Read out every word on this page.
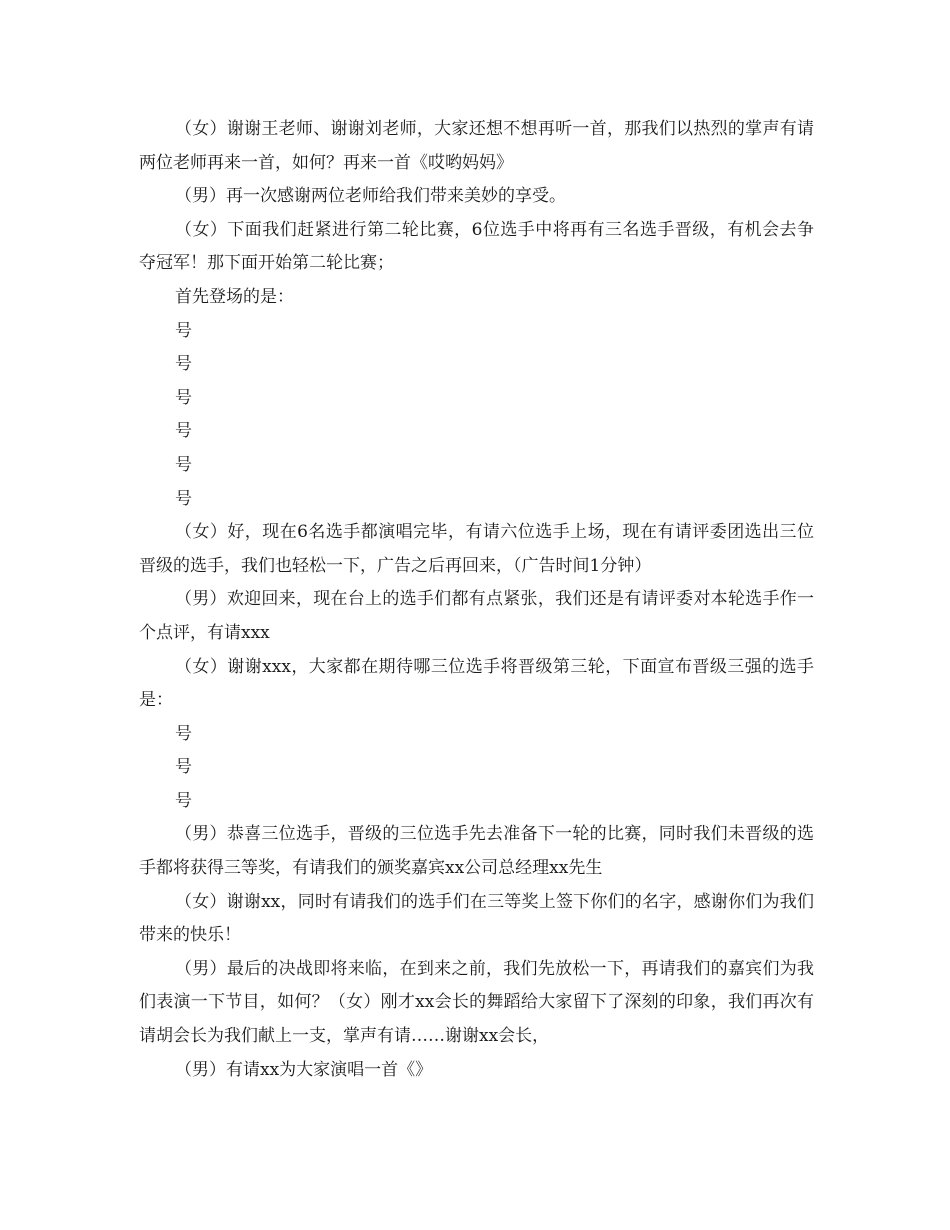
（女）谢谢王老师、谢谢刘老师，大家还想不想再听一首，那我们以热烈的掌声有请两位老师再来一首，如何？再来一首《哎哟妈妈》

（男）再一次感谢两位老师给我们带来美妙的享受。

（女）下面我们赶紧进行第二轮比赛，6位选手中将再有三名选手晋级，有机会去争夺冠军！那下面开始第二轮比赛；

首先登场的是：

号

号

号

号

号

号

（女）好，现在6名选手都演唱完毕，有请六位选手上场，现在有请评委团选出三位晋级的选手，我们也轻松一下，广告之后再回来，（广告时间1分钟）

（男）欢迎回来，现在台上的选手们都有点紧张，我们还是有请评委对本轮选手作一个点评，有请xxx

（女）谢谢xxx，大家都在期待哪三位选手将晋级第三轮，下面宣布晋级三强的选手是：

号

号

号

（男）恭喜三位选手，晋级的三位选手先去准备下一轮的比赛，同时我们未晋级的选手都将获得三等奖，有请我们的颁奖嘉宾xx公司总经理xx先生

（女）谢谢xx，同时有请我们的选手们在三等奖上签下你们的名字，感谢你们为我们带来的快乐！

（男）最后的决战即将来临，在到来之前，我们先放松一下，再请我们的嘉宾们为我们表演一下节目，如何？（女）刚才xx会长的舞蹈给大家留下了深刻的印象，我们再次有请胡会长为我们献上一支，掌声有请……谢谢xx会长，

（男）有请xx为大家演唱一首《》
